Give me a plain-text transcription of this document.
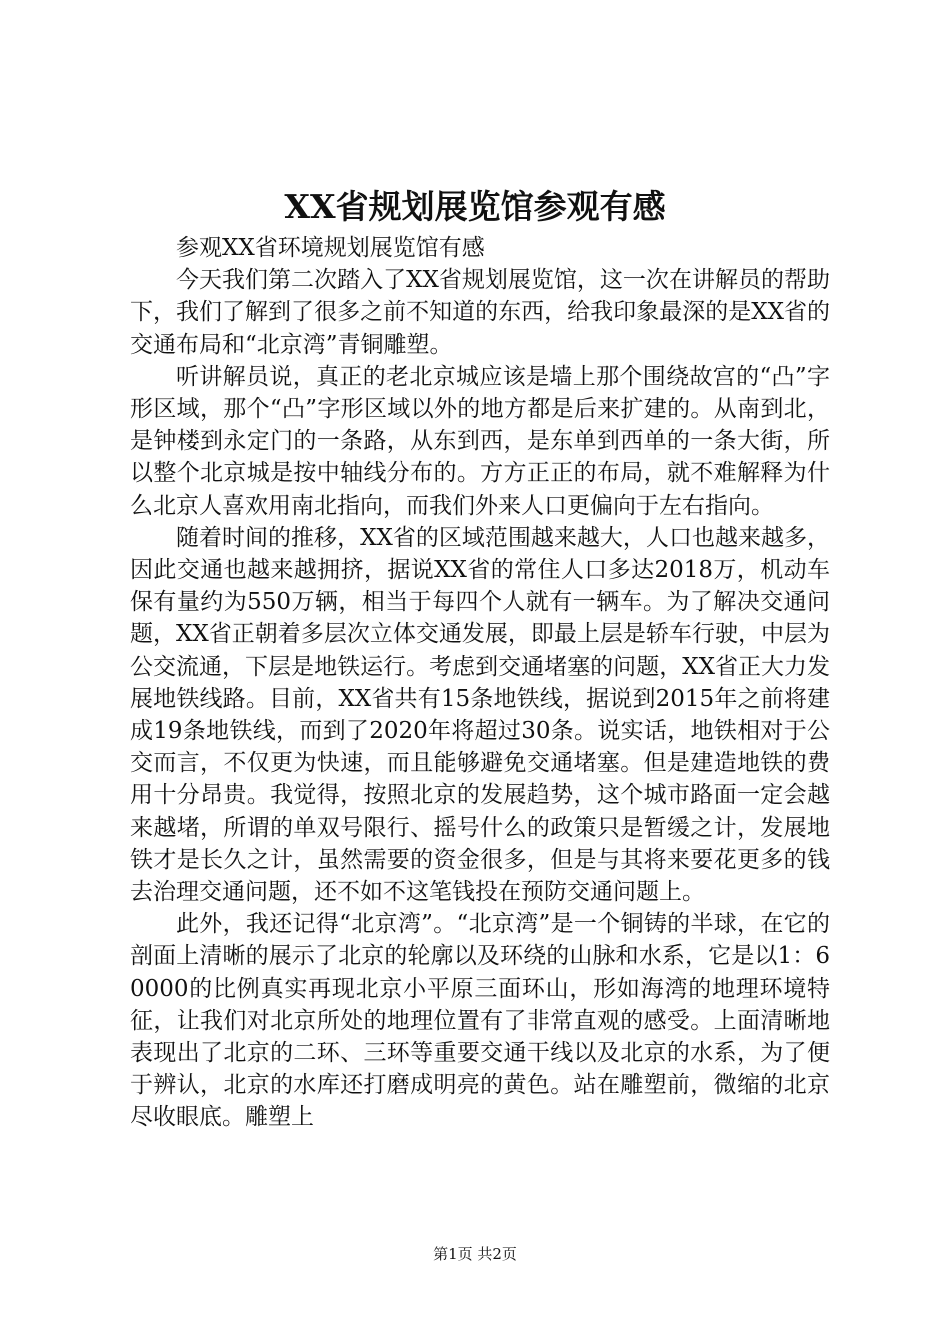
XX省规划展览馆参观有感

参观XX省环境规划展览馆有感

今天我们第二次踏入了XX省规划展览馆，这一次在讲解员的帮助下，我们了解到了很多之前不知道的东西，给我印象最深的是XX省的交通布局和“北京湾”青铜雕塑。

听讲解员说，真正的老北京城应该是墙上那个围绕故宫的“凸”字形区域，那个“凸”字形区域以外的地方都是后来扩建的。从南到北，是钟楼到永定门的一条路，从东到西，是东单到西单的一条大街，所以整个北京城是按中轴线分布的。方方正正的布局，就不难解释为什么北京人喜欢用南北指向，而我们外来人口更偏向于左右指向。

随着时间的推移，XX省的区域范围越来越大，人口也越来越多，因此交通也越来越拥挤，据说XX省的常住人口多达2018万，机动车保有量约为550万辆，相当于每四个人就有一辆车。为了解决交通问题，XX省正朝着多层次立体交通发展，即最上层是轿车行驶，中层为公交流通，下层是地铁运行。考虑到交通堵塞的问题，XX省正大力发展地铁线路。目前，XX省共有15条地铁线，据说到2015年之前将建成19条地铁线，而到了2020年将超过30条。说实话，地铁相对于公交而言，不仅更为快速，而且能够避免交通堵塞。但是建造地铁的费用十分昂贵。我觉得，按照北京的发展趋势，这个城市路面一定会越来越堵，所谓的单双号限行、摇号什么的政策只是暂缓之计，发展地铁才是长久之计，虽然需要的资金很多，但是与其将来要花更多的钱去治理交通问题，还不如不这笔钱投在预防交通问题上。

此外，我还记得“北京湾”。“北京湾”是一个铜铸的半球，在它的剖面上清晰的展示了北京的轮廓以及环绕的山脉和水系，它是以1：60000的比例真实再现北京小平原三面环山，形如海湾的地理环境特征，让我们对北京所处的地理位置有了非常直观的感受。上面清晰地表现出了北京的二环、三环等重要交通干线以及北京的水系，为了便于辨认，北京的水库还打磨成明亮的黄色。站在雕塑前，微缩的北京尽收眼底。雕塑上

第1页 共2页
